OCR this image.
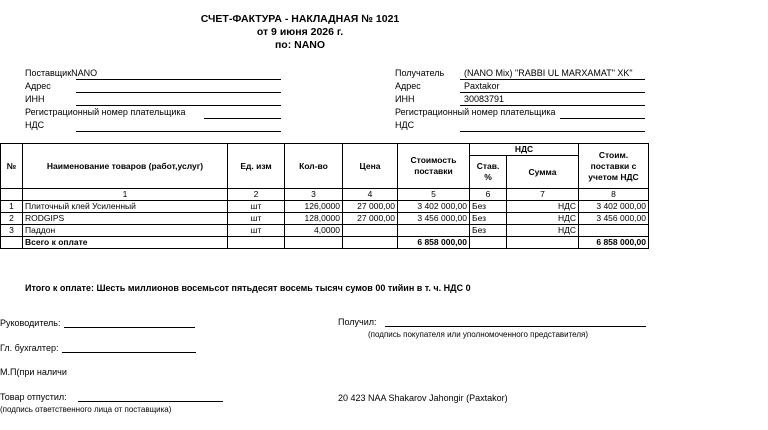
СЧЕТ-ФАКТУРА - НАКЛАДНАЯ № 1021
от 9 июня 2026 г.
по: NANO
ПоставщикNANO
Адрес
ИНН
Регистрационный номер плательщика
НДС
Получатель (NANO Mix) "RABBI UL MARXAMAT" XK"
Адрес	Paxtakor
ИНН	30083791
Регистрационный номер плательщика
НДС
№	Наименование товаров (работ,услуг)	Ед. изм	Кол-во	Цена	Стоимость поставки	НДС		Стоим. поставки с учетом НДС
						Став. %	Сумма	
	1	2	3	4	5	6	7	8
1	Плиточный клей Усиленный	шт	126,0000	27 000,00	3 402 000,00	Без	НДС	3 402 000,00
2	RODGIPS	шт	128,0000	27 000,00	3 456 000,00	Без	НДС	3 456 000,00
3	Паддон	шт	4,0000			Без	НДС	
	Всего к оплате				6 858 000,00			6 858 000,00
Итого к оплате: Шесть миллионов восемьсот пятьдесят восемь тысяч сумов 00 тийин в т. ч. НДС 0
Руководитель:
Гл. бухгалтер:
М.П(при наличи
Товар отпустил:
(подпись ответственного лица от поставщика)
Получил:
(подпись покупателя или уполномоченного представителя)
20 423 NAA Shakarov Jahongir (Paxtakor)
